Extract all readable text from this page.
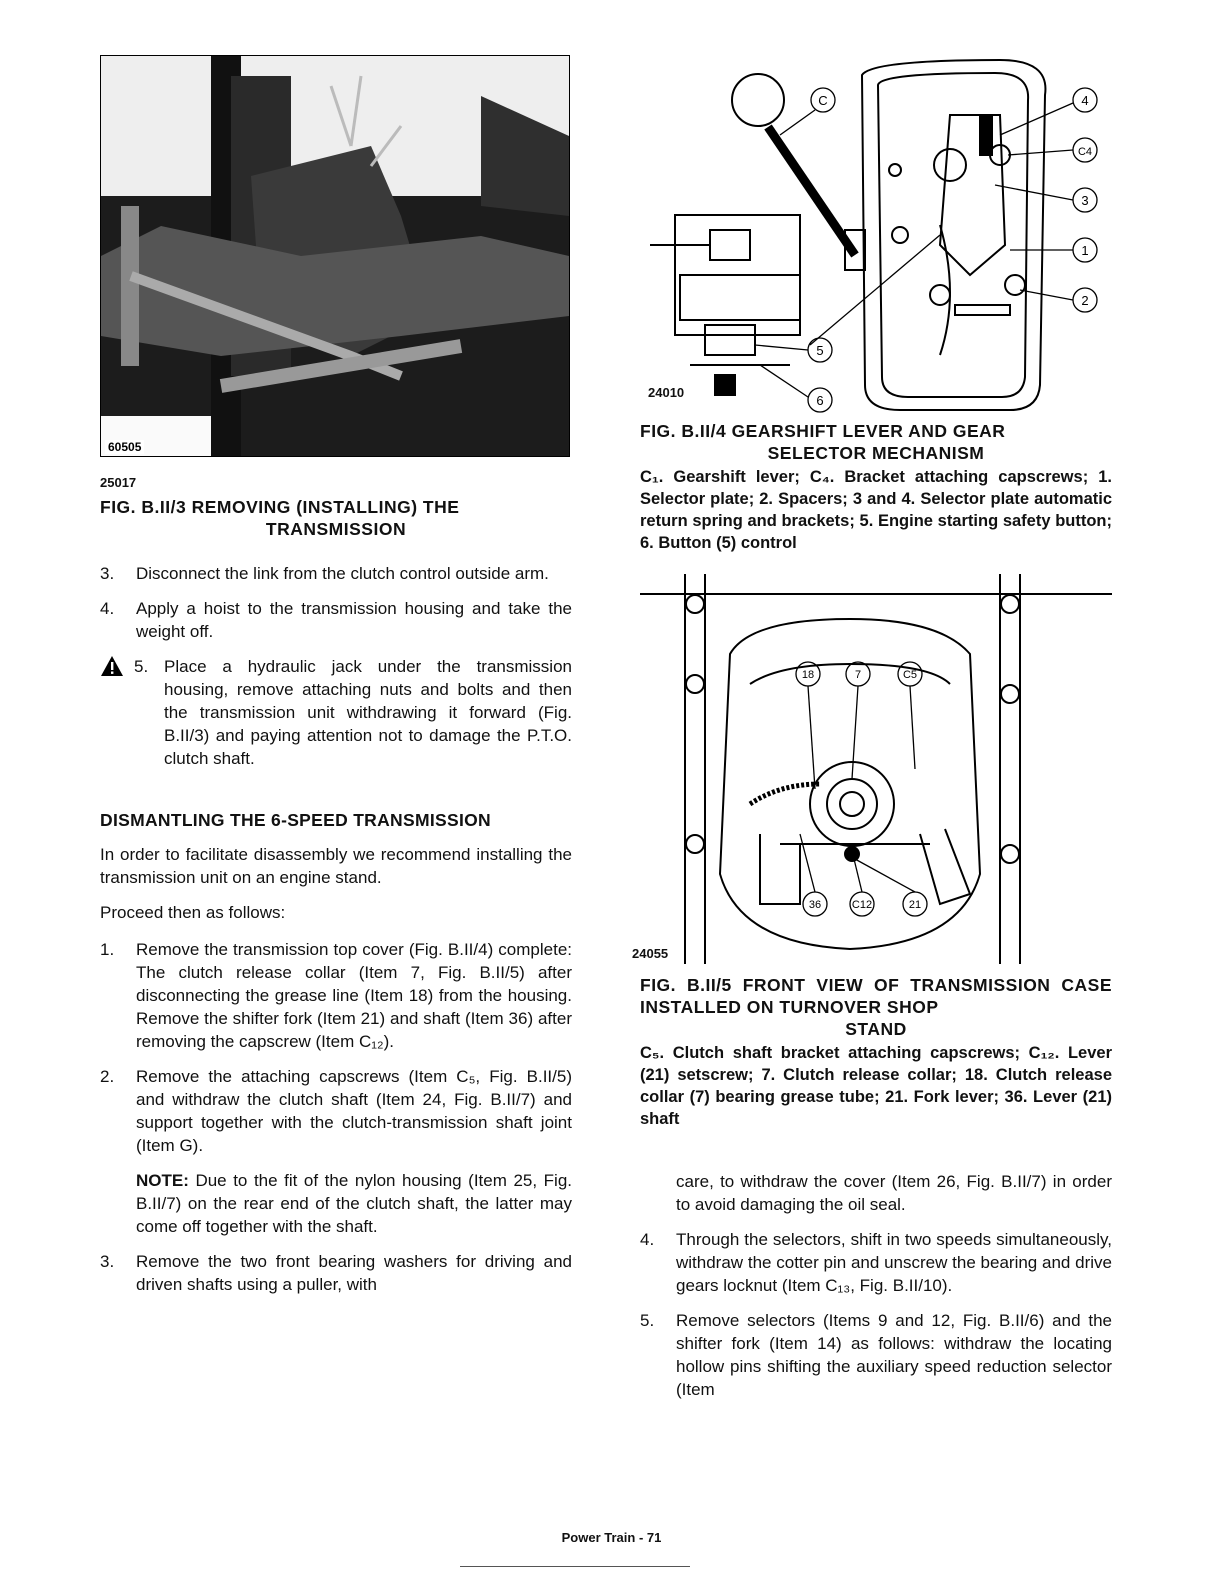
60505
25017
FIG. B.II/3 REMOVING (INSTALLING) THE
TRANSMISSION
3. Disconnect the link from the clutch control outside arm.
4. Apply a hoist to the transmission housing and take the weight off.
5. Place a hydraulic jack under the transmission housing, remove attaching nuts and bolts and then the transmission unit withdrawing it forward (Fig. B.II/3) and paying attention not to damage the P.T.O. clutch shaft.
DISMANTLING THE 6-SPEED TRANSMISSION
In order to facilitate disassembly we recommend installing the transmission unit on an engine stand.
Proceed then as follows:
1. Remove the transmission top cover (Fig. B.II/4) complete: The clutch release collar (Item 7, Fig. B.II/5) after disconnecting the grease line (Item 18) from the housing. Remove the shifter fork (Item 21) and shaft (Item 36) after removing the capscrew (Item C₁₂).
2. Remove the attaching capscrews (Item C₅, Fig. B.II/5) and withdraw the clutch shaft (Item 24, Fig. B.II/7) and support together with the clutch-transmission shaft joint (Item G).
NOTE: Due to the fit of the nylon housing (Item 25, Fig. B.II/7) on the rear end of the clutch shaft, the latter may come off together with the shaft.
3. Remove the two front bearing washers for driving and driven shafts using a puller, with
C	4
C4
3
1
2
5
6
24010
FIG. B.II/4 GEARSHIFT LEVER AND GEAR
SELECTOR MECHANISM
C₁. Gearshift lever; C₄. Bracket attaching capscrews; 1. Selector plate; 2. Spacers; 3 and 4. Selector plate automatic return spring and brackets; 5. Engine starting safety button; 6. Button (5) control
18	7	C5
36	C12	21
24055
FIG. B.II/5 FRONT VIEW OF TRANSMISSION CASE INSTALLED ON TURNOVER SHOP
STAND
C₅. Clutch shaft bracket attaching capscrews; C₁₂. Lever (21) setscrew; 7. Clutch release collar; 18. Clutch release collar (7) bearing grease tube; 21. Fork lever; 36. Lever (21) shaft
care, to withdraw the cover (Item 26, Fig. B.II/7) in order to avoid damaging the oil seal.
4. Through the selectors, shift in two speeds simultaneously, withdraw the cotter pin and unscrew the bearing and drive gears locknut (Item C₁₃, Fig. B.II/10).
5. Remove selectors (Items 9 and 12, Fig. B.II/6) and the shifter fork (Item 14) as follows: withdraw the locating hollow pins shifting the auxiliary speed reduction selector (Item
Power Train - 71
